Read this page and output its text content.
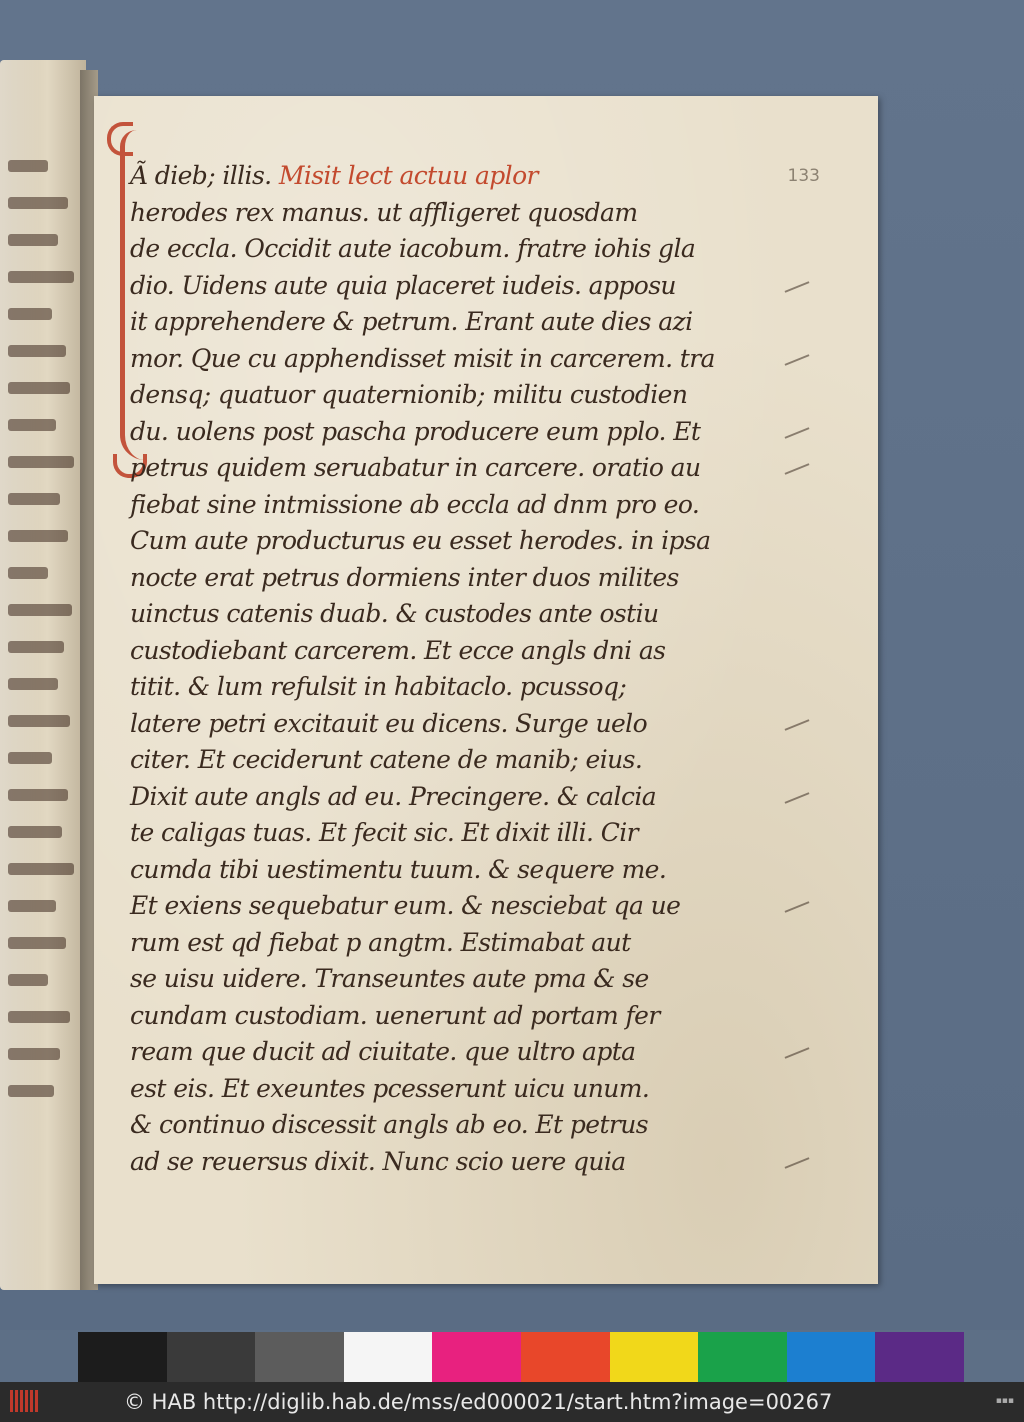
133
Ã dieb; illis. Misit lect actuu aplor
herodes rex manus. ut affligeret quosdam
de eccla. Occidit aute iacobum. fratre iohis gla
dio. Uidens aute quia placeret iudeis. apposu
it apprehendere & petrum. Erant aute dies azi
mor. Que cu apphendisset misit in carcerem. tra
densq; quatuor quaternionib; militu custodien
du. uolens post pascha producere eum pplo. Et
petrus quidem seruabatur in carcere. oratio au
fiebat sine intmissione ab eccla ad dnm pro eo.
Cum aute producturus eu esset herodes. in ipsa
nocte erat petrus dormiens inter duos milites
uinctus catenis duab. & custodes ante ostiu
custodiebant carcerem. Et ecce angls dni as
titit. & lum refulsit in habitaclo. pcussoq;
latere petri excitauit eu dicens. Surge uelo
citer. Et ceciderunt catene de manib; eius.
Dixit aute angls ad eu. Precingere. & calcia
te caligas tuas. Et fecit sic. Et dixit illi. Cir
cumda tibi uestimentu tuum. & sequere me.
Et exiens sequebatur eum. & nesciebat qa ue
rum est qd fiebat p angtm. Estimabat aut
se uisu uidere. Transeuntes aute pma & se
cundam custodiam. uenerunt ad portam fer
ream que ducit ad ciuitate. que ultro apta
est eis. Et exeuntes pcesserunt uicu unum.
& continuo discessit angls ab eo. Et petrus
ad se reuersus dixit. Nunc scio uere quia
© HAB http://diglib.hab.de/mss/ed000021/start.htm?image=00267	▪▪▪
